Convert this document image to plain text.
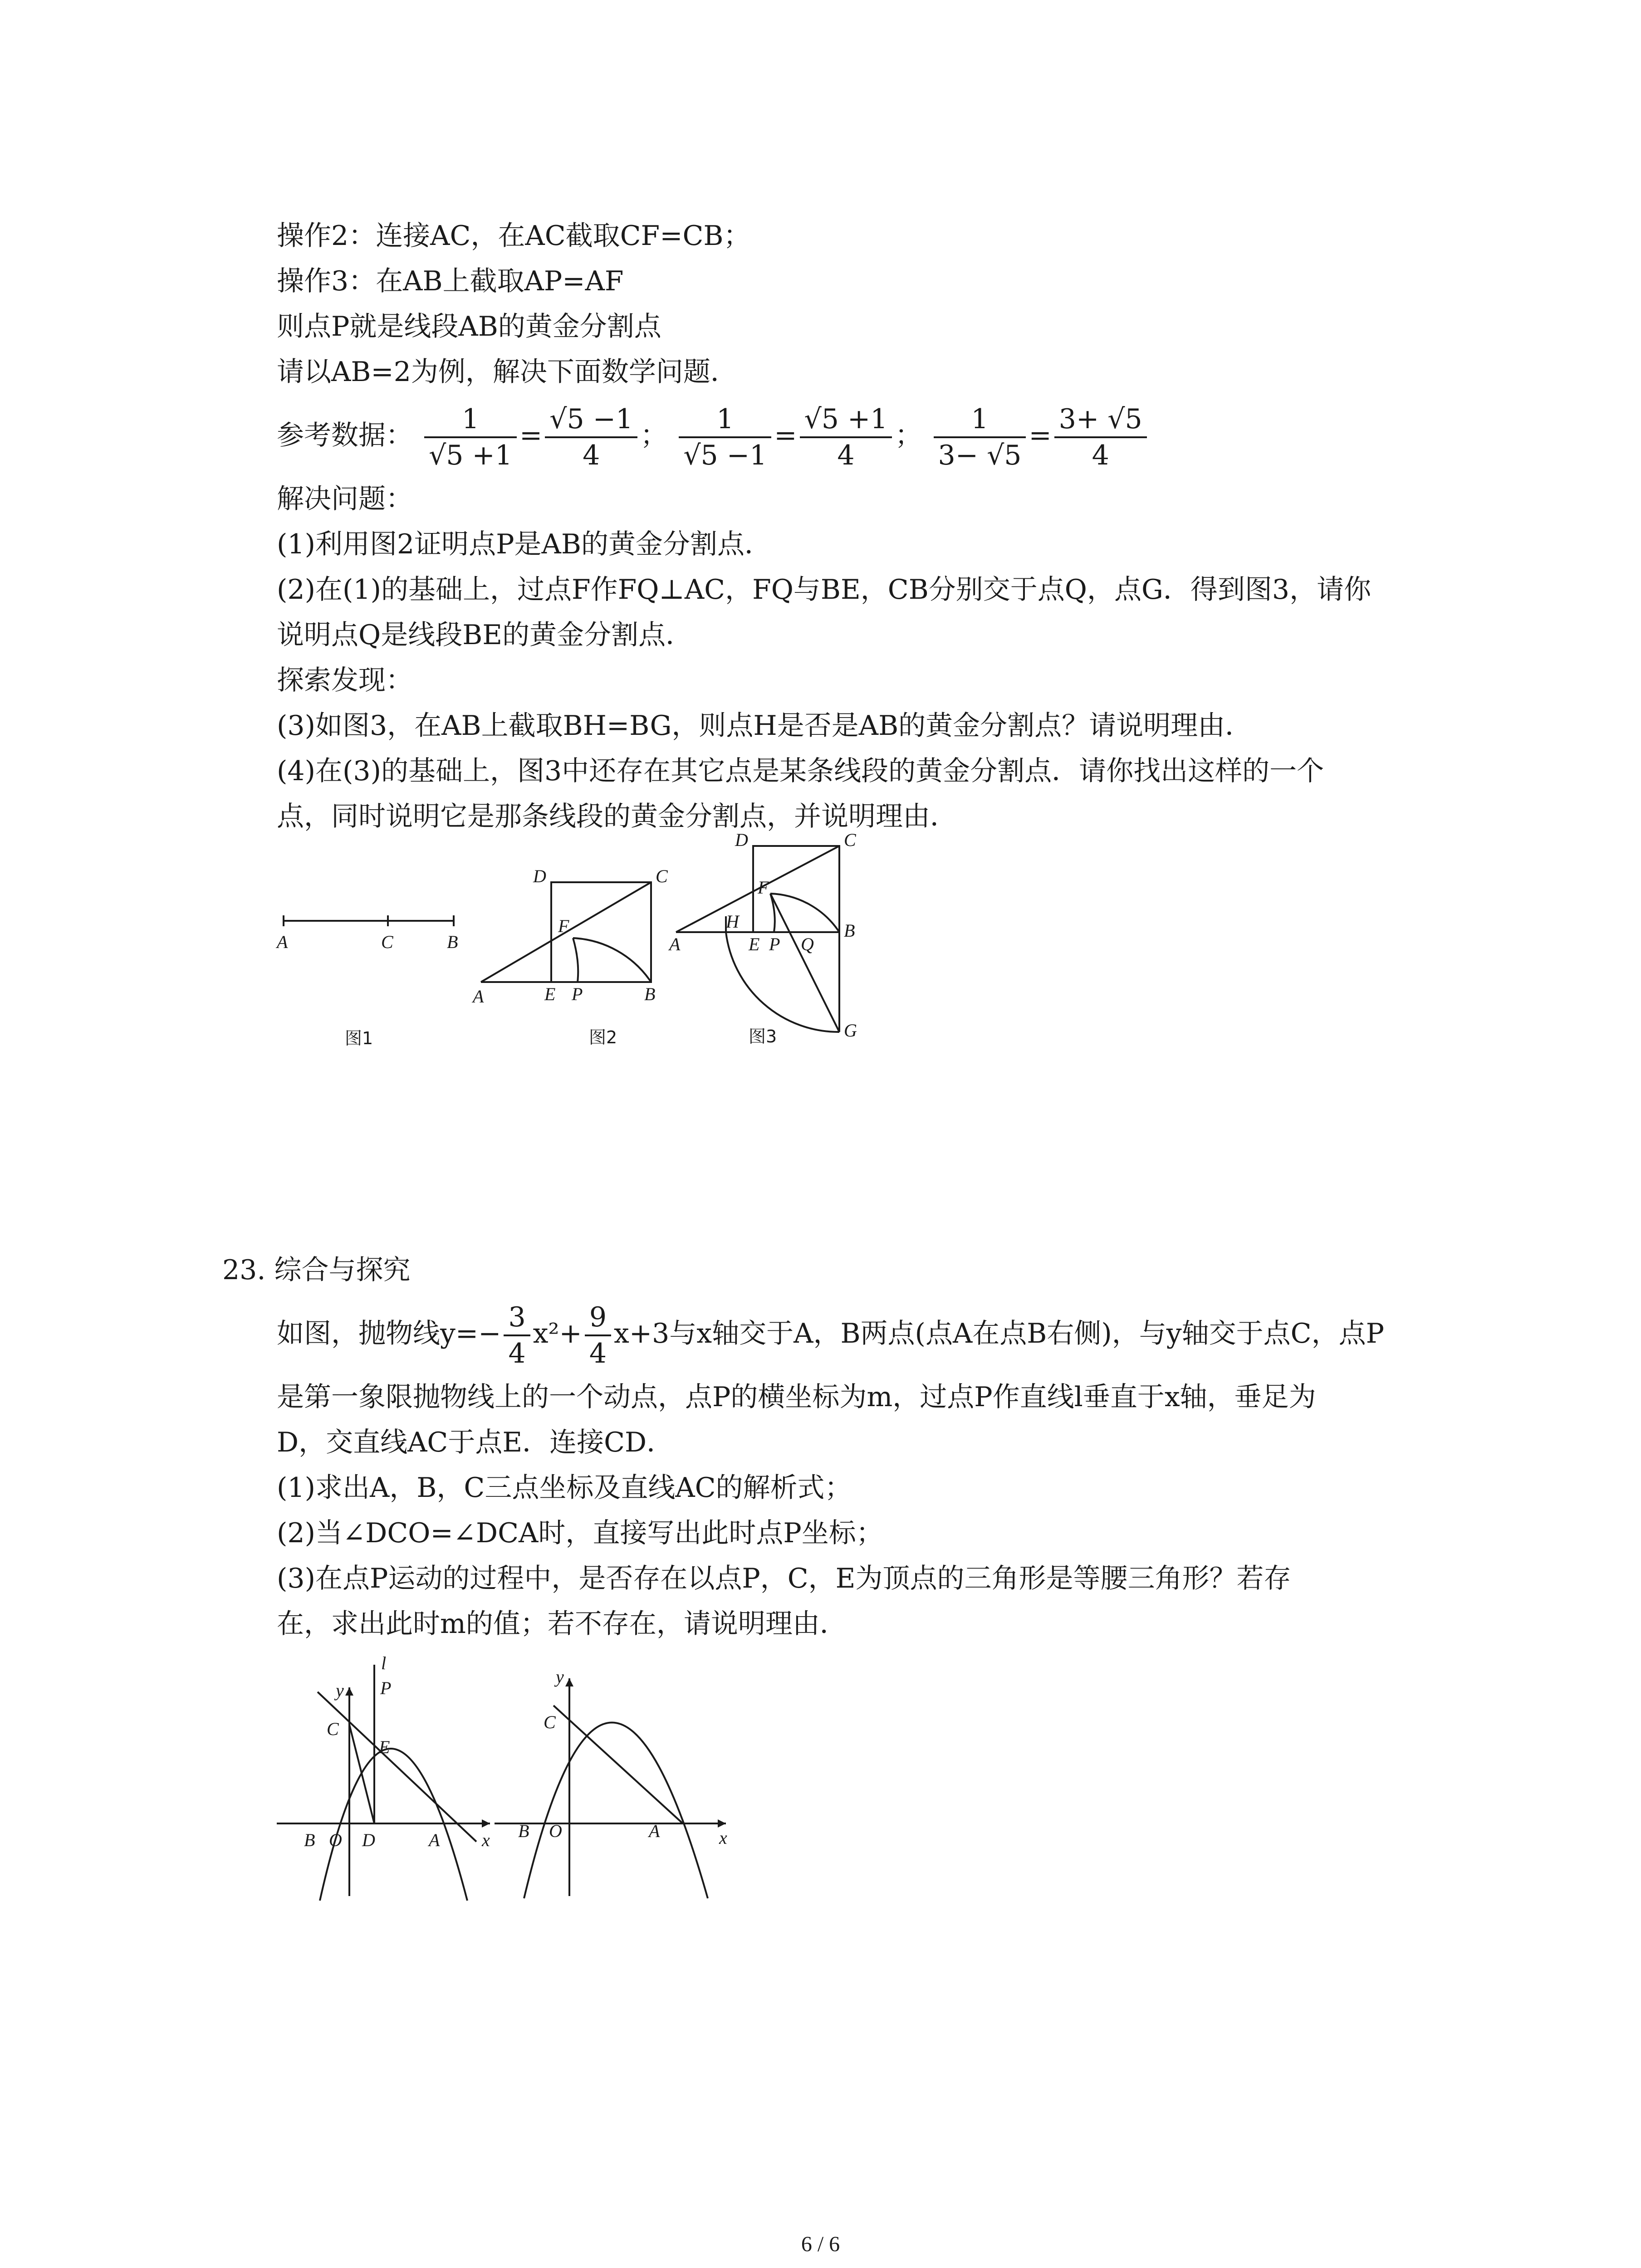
操作2：连接AC，在AC截取CF=CB；
操作3：在AB上截取AP=AF
则点P就是线段AB的黄金分割点
请以AB=2为例，解决下面数学问题．
参考数据： $\frac{1}{√5 +1} = \frac{√5 -1}{4}$ ； $\frac{1}{√5 -1} = \frac{√5 +1}{4}$ ； $\frac{1}{3- √5} = \frac{3+ √5}{4}$
解决问题：
(1)利用图2证明点P是AB的黄金分割点．
(2)在(1)的基础上，过点F作FQ⊥AC，FQ与BE，CB分别交于点Q，点G．得到图3，请你
说明点Q是线段BE的黄金分割点．
探索发现：
(3)如图3，在AB上截取BH=BG，则点H是否是AB的黄金分割点？请说明理由．
(4)在(3)的基础上，图3中还存在其它点是某条线段的黄金分割点．请你找出这样的一个
点，同时说明它是那条线段的黄金分割点，并说明理由．
A	C	B
图1
D	C
F
A	E P	B
图2
D	C
F
H
A	E P Q
B
G
图3
23. 综合与探究
如图，抛物线$y=- \frac{3}{4} x^2+ \frac{9}{4} x+3$与x轴交于A，B两点(点A在点B右侧)，与y轴交于点C，点P
是第一象限抛物线上的一个动点，点P的横坐标为m，过点P作直线l垂直于x轴，垂足为
D，交直线AC于点E．连接CD．
(1)求出A，B，C三点坐标及直线AC的解析式；
(2)当∠DCO=∠DCA时，直接写出此时点P坐标；
(3)在点P运动的过程中，是否存在以点P，C，E为顶点的三角形是等腰三角形？若存
在，求出此时m的值；若不存在，请说明理由．
l
y P
C
E
B O D	A x
y
C
B O	A	x
6 / 6
